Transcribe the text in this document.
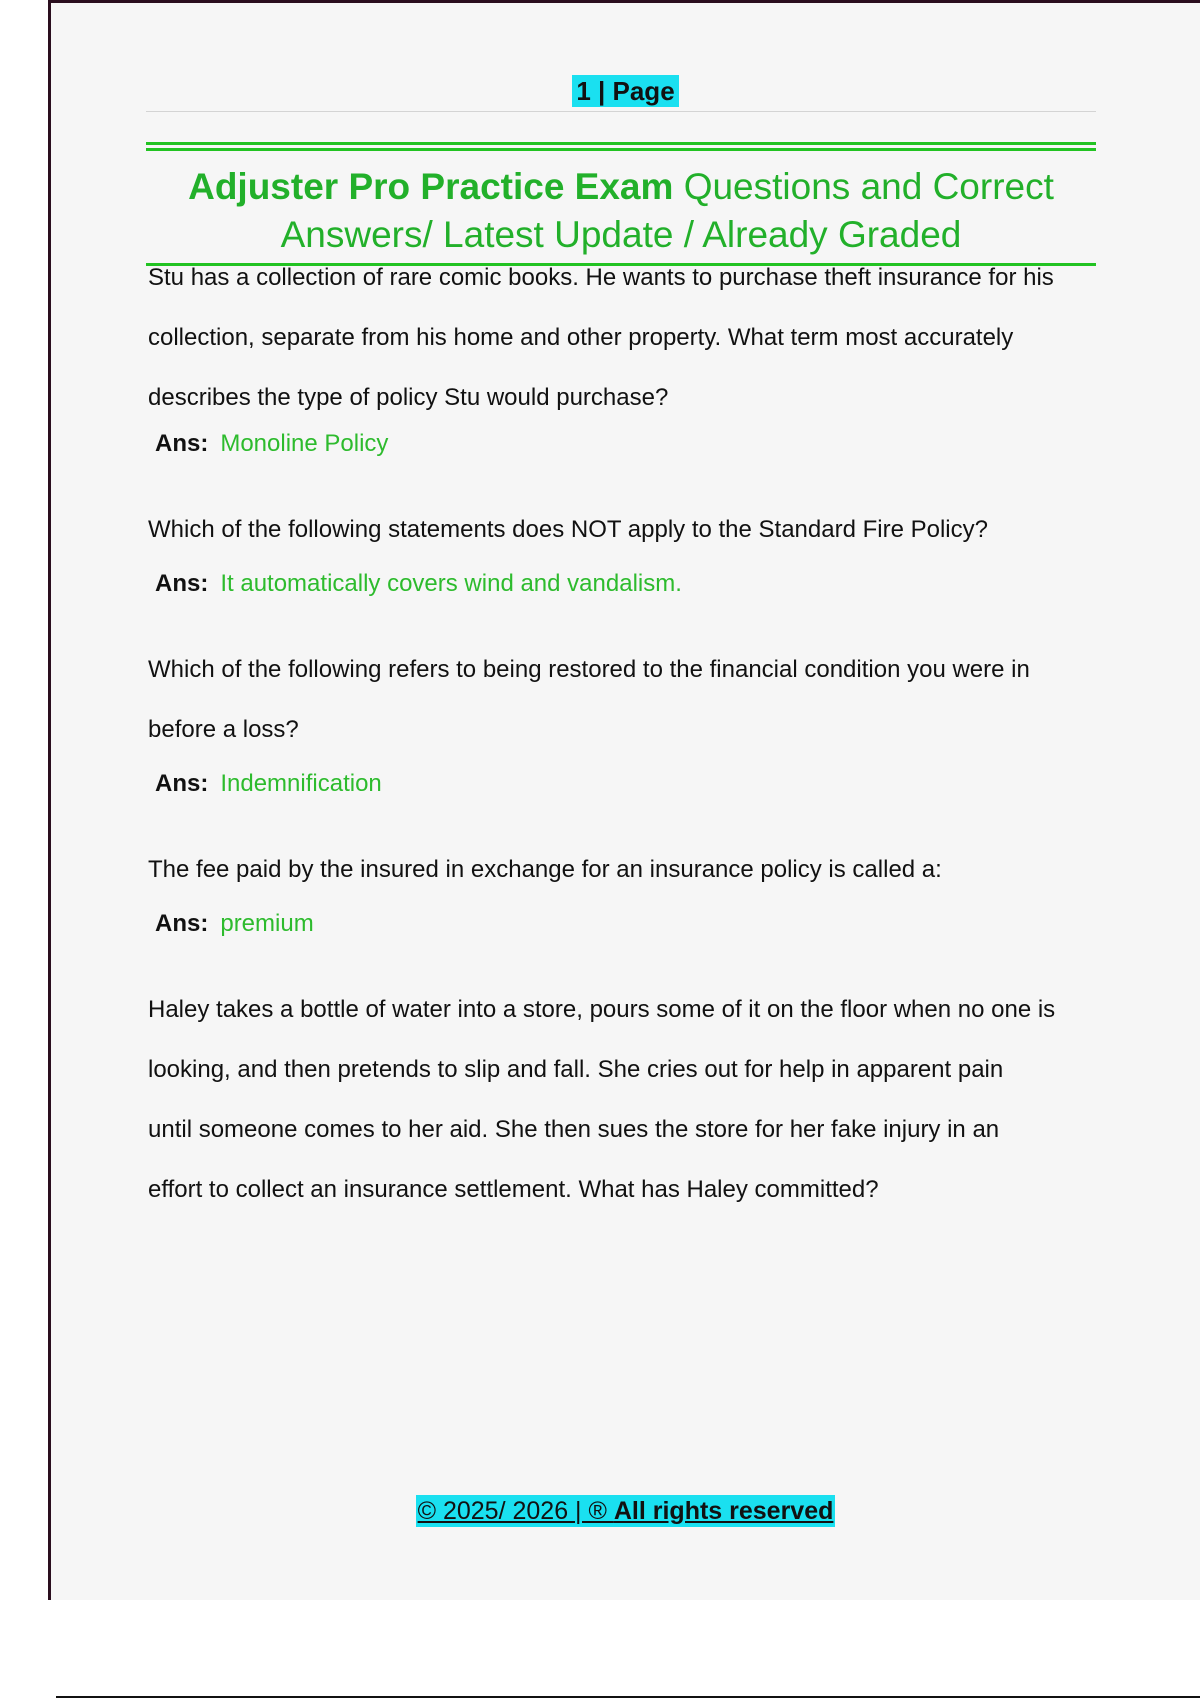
1 | Page
Adjuster Pro Practice Exam Questions and Correct
Answers/ Latest Update / Already Graded

Stu has a collection of rare comic books. He wants to purchase theft insurance for his

collection, separate from his home and other property. What term most accurately

describes the type of policy Stu would purchase?

Ans: Monoline Policy

Which of the following statements does NOT apply to the Standard Fire Policy?

Ans: It automatically covers wind and vandalism.

Which of the following refers to being restored to the financial condition you were in

before a loss?

Ans: Indemnification

The fee paid by the insured in exchange for an insurance policy is called a:

Ans: premium

Haley takes a bottle of water into a store, pours some of it on the floor when no one is

looking, and then pretends to slip and fall. She cries out for help in apparent pain

until someone comes to her aid. She then sues the store for her fake injury in an

effort to collect an insurance settlement. What has Haley committed?

© 2025/ 2026 | ® All rights reserved
